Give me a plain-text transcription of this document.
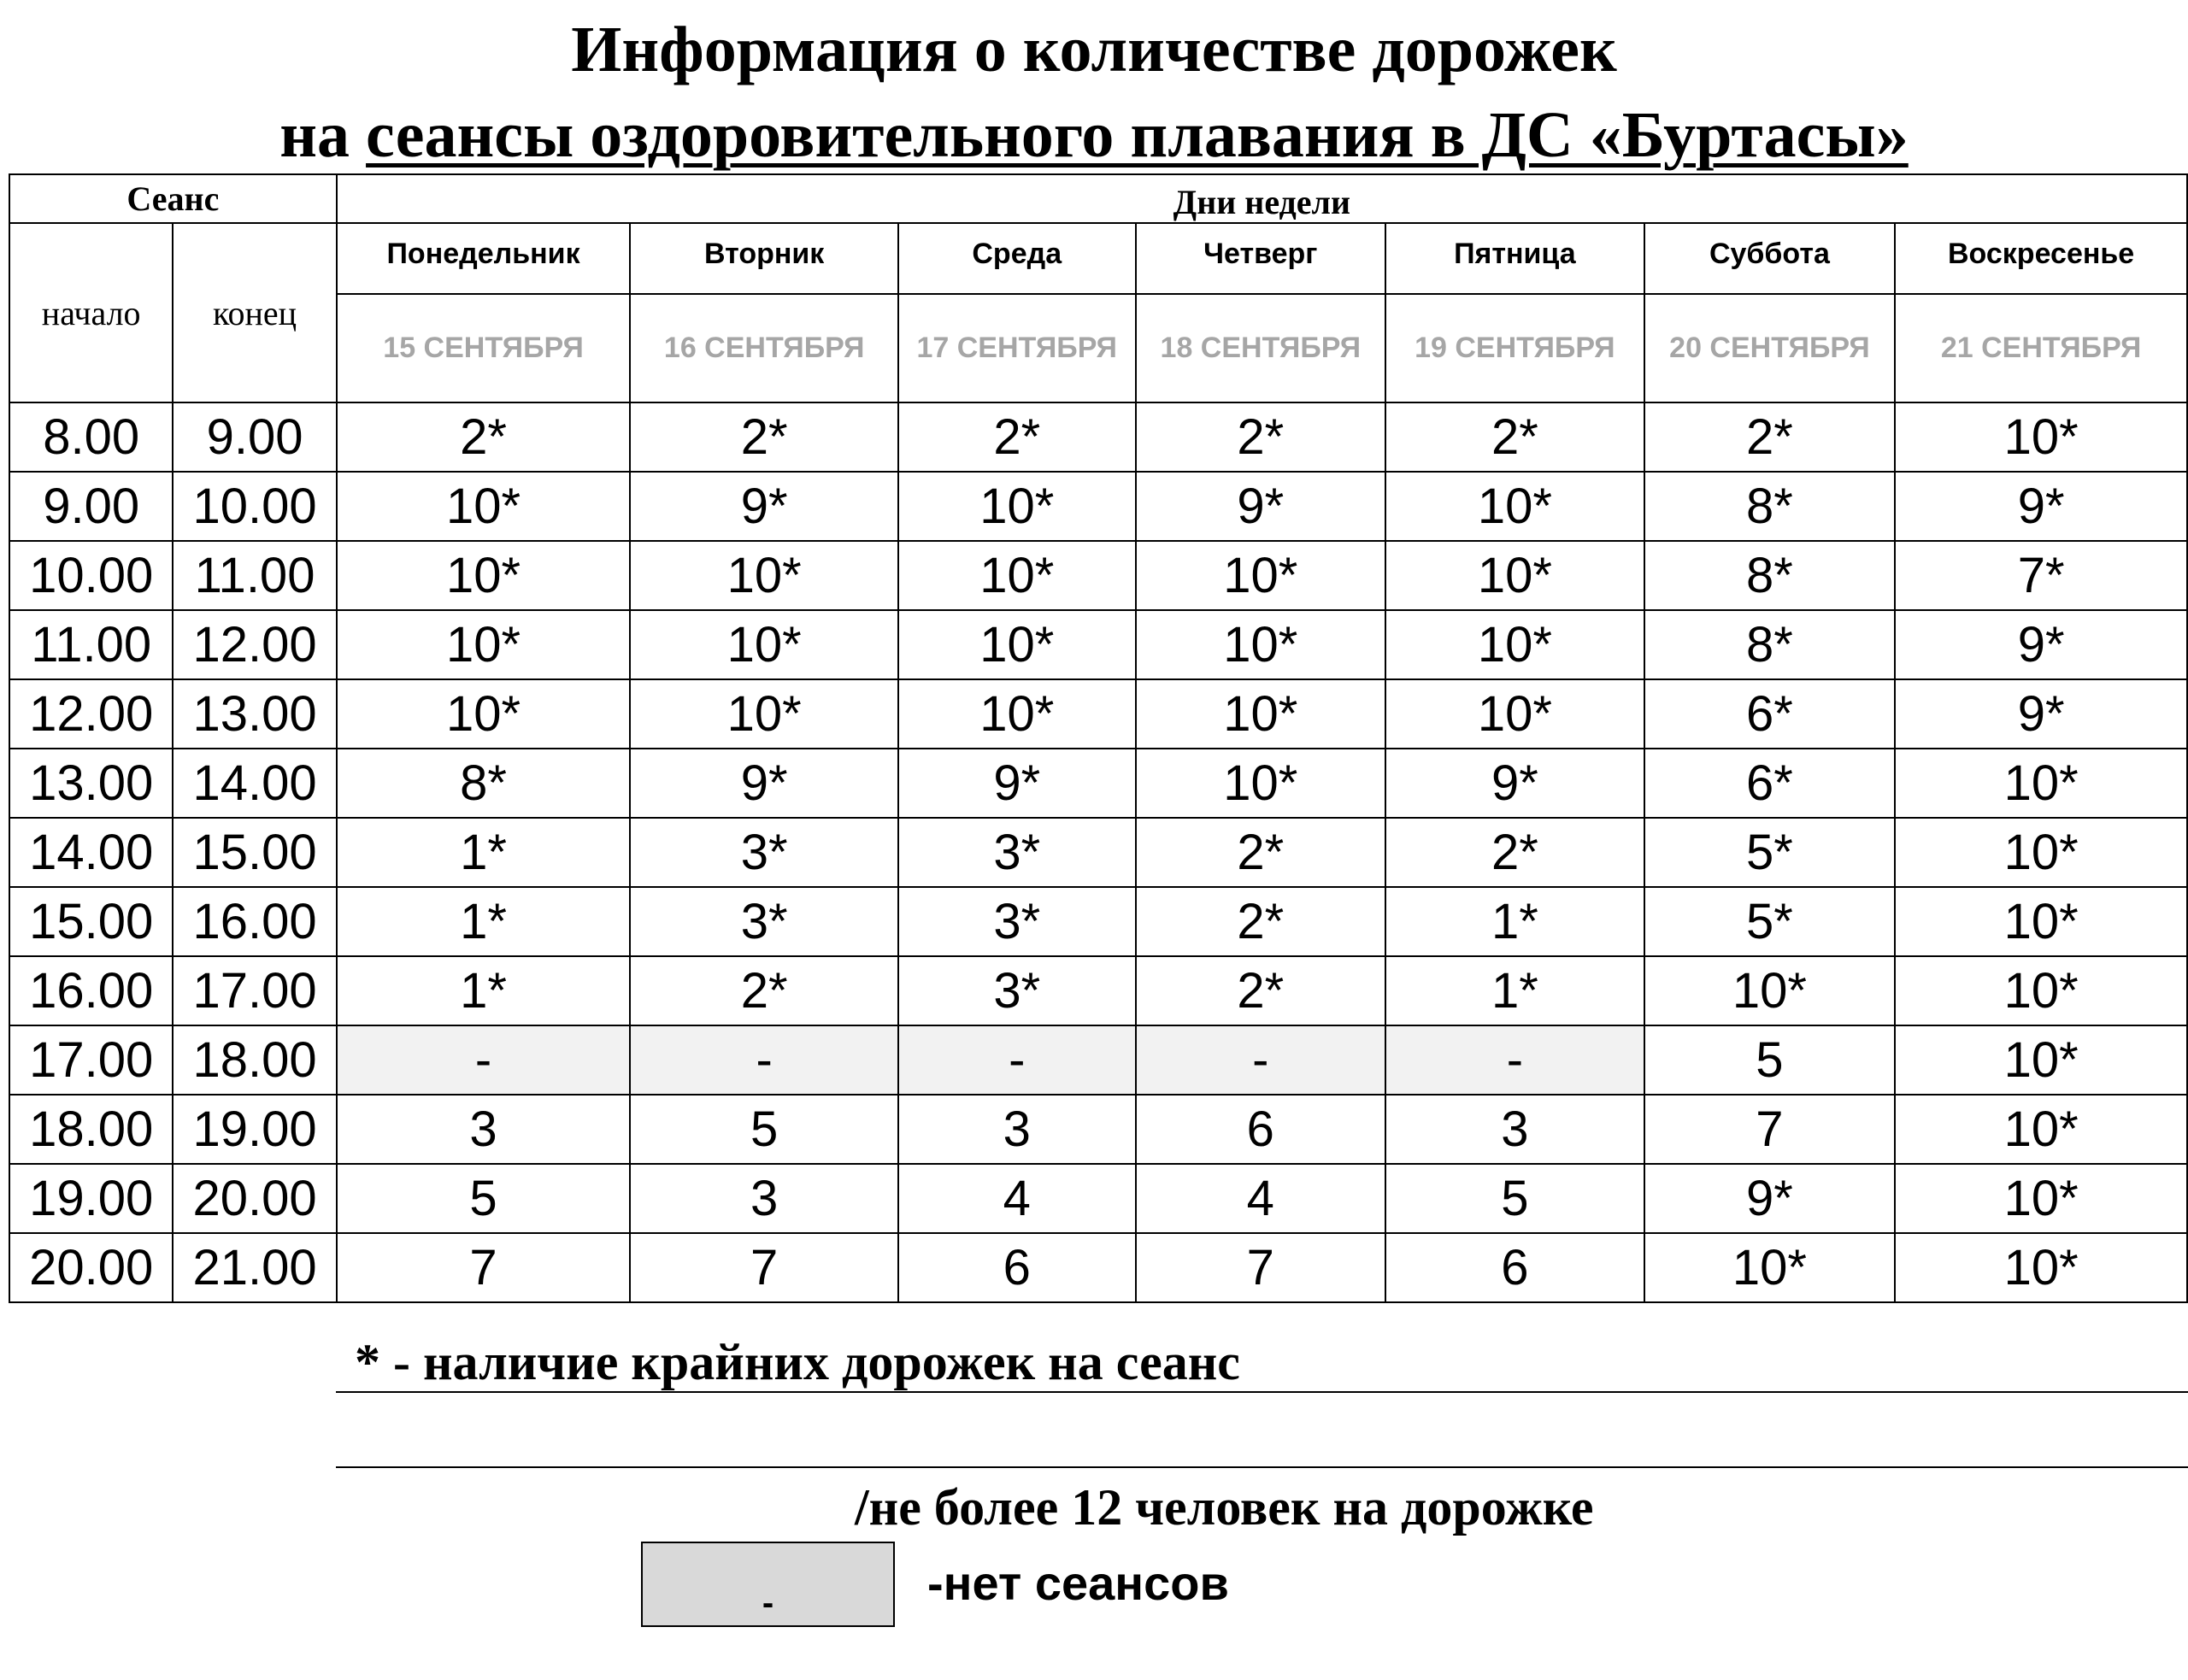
Информация о количестве дорожек
на сеансы оздоровительного плавания в ДС «Буртасы»
Сеанс		Дни недели						
начало	конец	Понедельник	Вторник	Среда	Четверг	Пятница	Суббота	Воскресенье
		15 СЕНТЯБРЯ	16 СЕНТЯБРЯ	17 СЕНТЯБРЯ	18 СЕНТЯБРЯ	19 СЕНТЯБРЯ	20 СЕНТЯБРЯ	21 СЕНТЯБРЯ
8.00	9.00	2*	2*	2*	2*	2*	2*	10*
9.00	10.00	10*	9*	10*	9*	10*	8*	9*
10.00	11.00	10*	10*	10*	10*	10*	8*	7*
11.00	12.00	10*	10*	10*	10*	10*	8*	9*
12.00	13.00	10*	10*	10*	10*	10*	6*	9*
13.00	14.00	8*	9*	9*	10*	9*	6*	10*
14.00	15.00	1*	3*	3*	2*	2*	5*	10*
15.00	16.00	1*	3*	3*	2*	1*	5*	10*
16.00	17.00	1*	2*	3*	2*	1*	10*	10*
17.00	18.00	-	-	-	-	-	5	10*
18.00	19.00	3	5	3	6	3	7	10*
19.00	20.00	5	3	4	4	5	9*	10*
20.00	21.00	7	7	6	7	6	10*	10*
* - наличие крайних дорожек на сеанс
/не более 12 человек на дорожке
-	-нет сеансов
